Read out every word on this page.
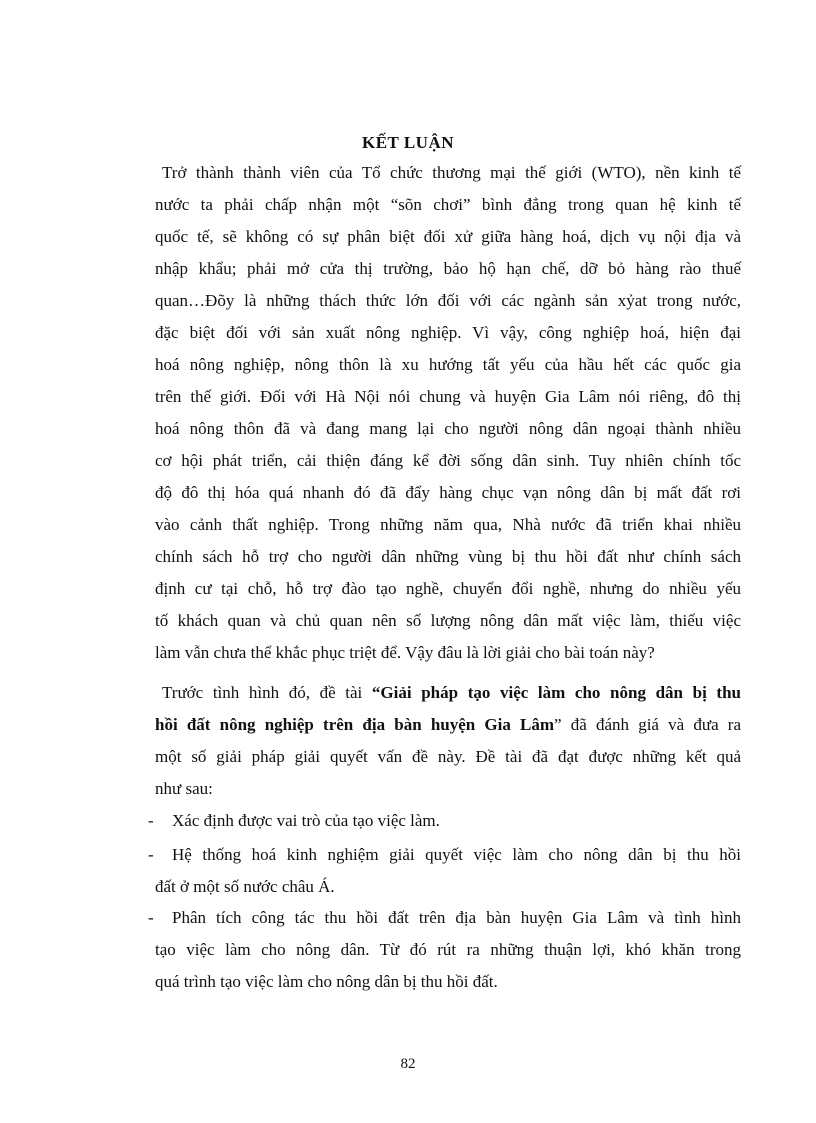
KẾT LUẬN
Trở thành thành viên của Tổ chức thương mại thế giới (WTO), nền kinh tế
nước ta phải chấp nhận một “sõn chơi” bình đẳng trong quan hệ kinh tế
quốc tế, sẽ không có sự phân biệt đối xử giữa hàng hoá, dịch vụ nội địa và
nhập khẩu; phải mở cửa thị trường, bảo hộ hạn chế, dỡ bỏ hàng rào thuế
quan…Đõy là những thách thức lớn đối với các ngành sản xỷat trong nước,
đặc biệt đối với sản xuất nông nghiệp. Vì vậy, công nghiệp hoá, hiện đại
hoá nông nghiệp, nông thôn là xu hướng tất yếu của hầu hết các quốc gia
trên thế giới. Đối với Hà Nội nói chung và huyện Gia Lâm nói riêng, đô thị
hoá nông thôn đã và đang mang lại cho người nông dân ngoại thành nhiều
cơ hội phát triển, cải thiện đáng kể đời sống dân sinh. Tuy nhiên chính tốc
độ đô thị hóa quá nhanh đó đã đẩy hàng chục vạn nông dân bị mất đất rơi
vào cảnh thất nghiệp. Trong những năm qua, Nhà nước đã triển khai nhiều
chính sách hỗ trợ cho người dân những vùng bị thu hồi đất như chính sách
định cư tại chỗ, hỗ trợ đào tạo nghề, chuyển đổi nghề, nhưng do nhiều yếu
tố khách quan và chủ quan nên số lượng nông dân mất việc làm, thiếu việc
làm vẫn chưa thể khắc phục triệt để. Vậy đâu là lời giải cho bài toán này?
Trước tình hình đó, đề tài “Giải pháp tạo việc làm cho nông dân bị thu
hồi đất nông nghiệp trên địa bàn huyện Gia Lâm” đã đánh giá và đưa ra
một số giải pháp giải quyết vấn đề này. Đề tài đã đạt được những kết quả
như sau:
- Xác định được vai trò của tạo việc làm.
- Hệ thống hoá kinh nghiệm giải quyết việc làm cho nông dân bị thu hồi
đất ở một số nước châu Á.
- Phân tích công tác thu hồi đất trên địa bàn huyện Gia Lâm và tình hình
tạo việc làm cho nông dân. Từ đó rút ra những thuận lợi, khó khăn trong
quá trình tạo việc làm cho nông dân bị thu hồi đất.
82
